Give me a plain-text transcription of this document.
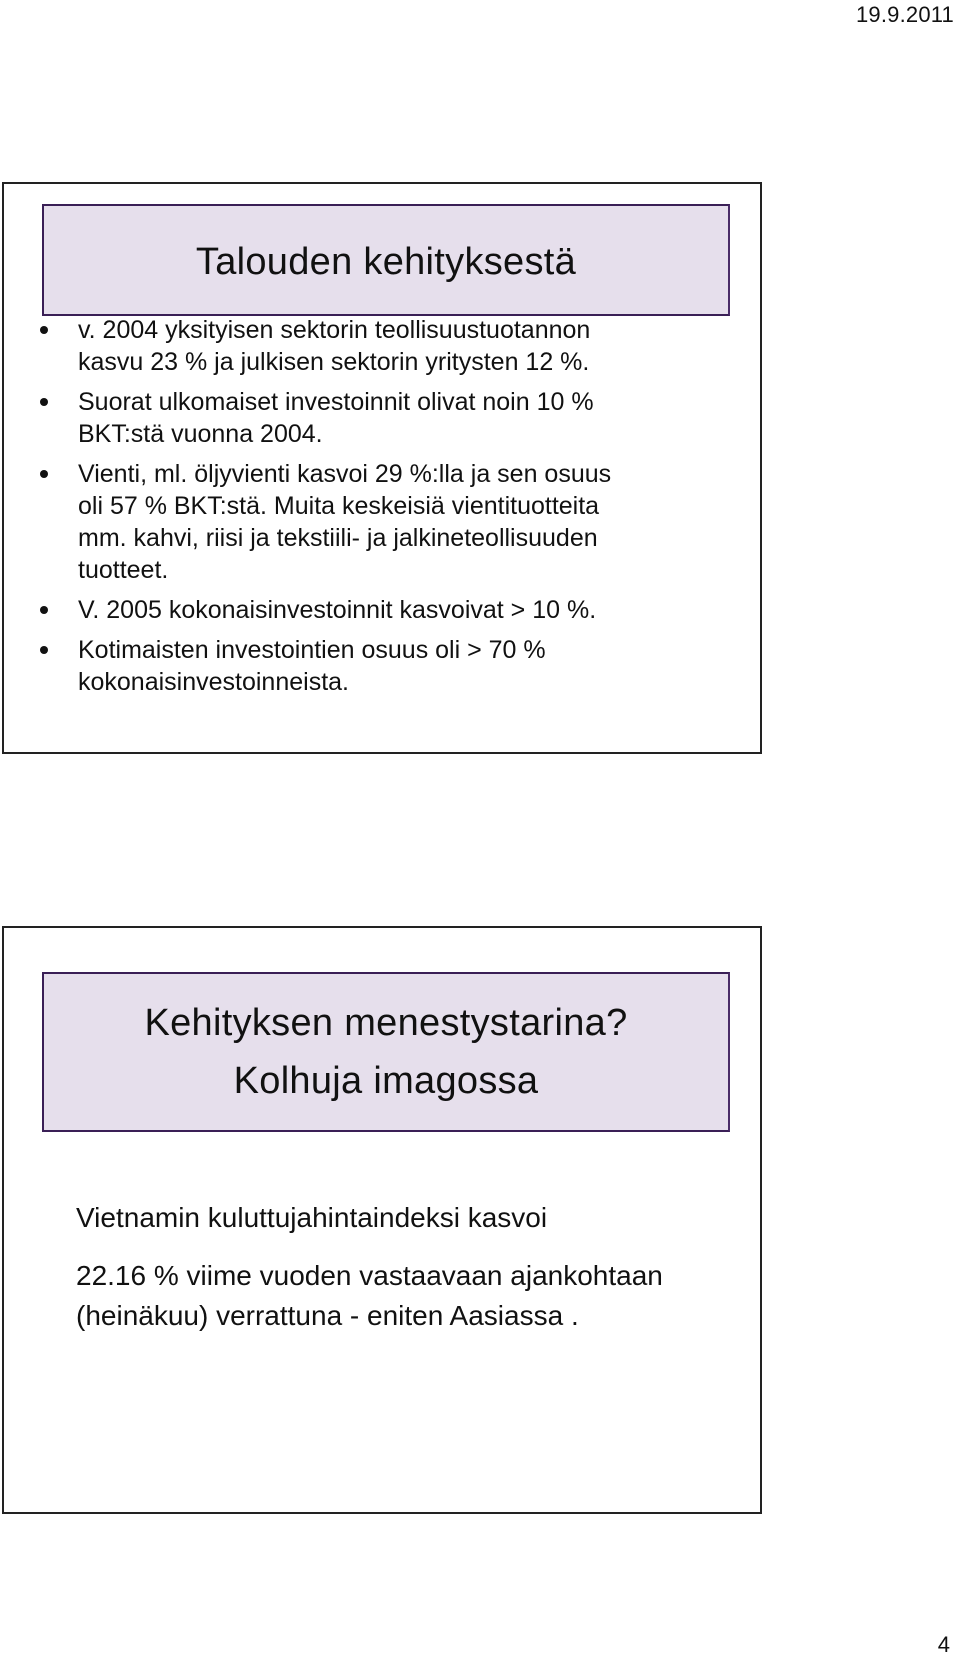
19.9.2011
Talouden kehityksestä
v. 2004 yksityisen sektorin teollisuustuotannon
kasvu 23 % ja julkisen sektorin yritysten 12 %.
Suorat ulkomaiset investoinnit olivat noin 10 %
BKT:stä vuonna 2004.
Vienti, ml. öljyvienti kasvoi 29 %:lla ja sen osuus
oli 57 % BKT:stä. Muita keskeisiä vientituotteita
mm. kahvi, riisi ja tekstiili- ja jalkineteollisuuden
tuotteet.
V. 2005 kokonaisinvestoinnit kasvoivat > 10 %.
Kotimaisten investointien osuus oli > 70 %
kokonaisinvestoinneista.
Kehityksen menestystarina?
Kolhuja imagossa
Vietnamin kuluttujahintaindeksi kasvoi
22.16 % viime vuoden vastaavaan ajankohtaan
(heinäkuu) verrattuna - eniten Aasiassa .
4
